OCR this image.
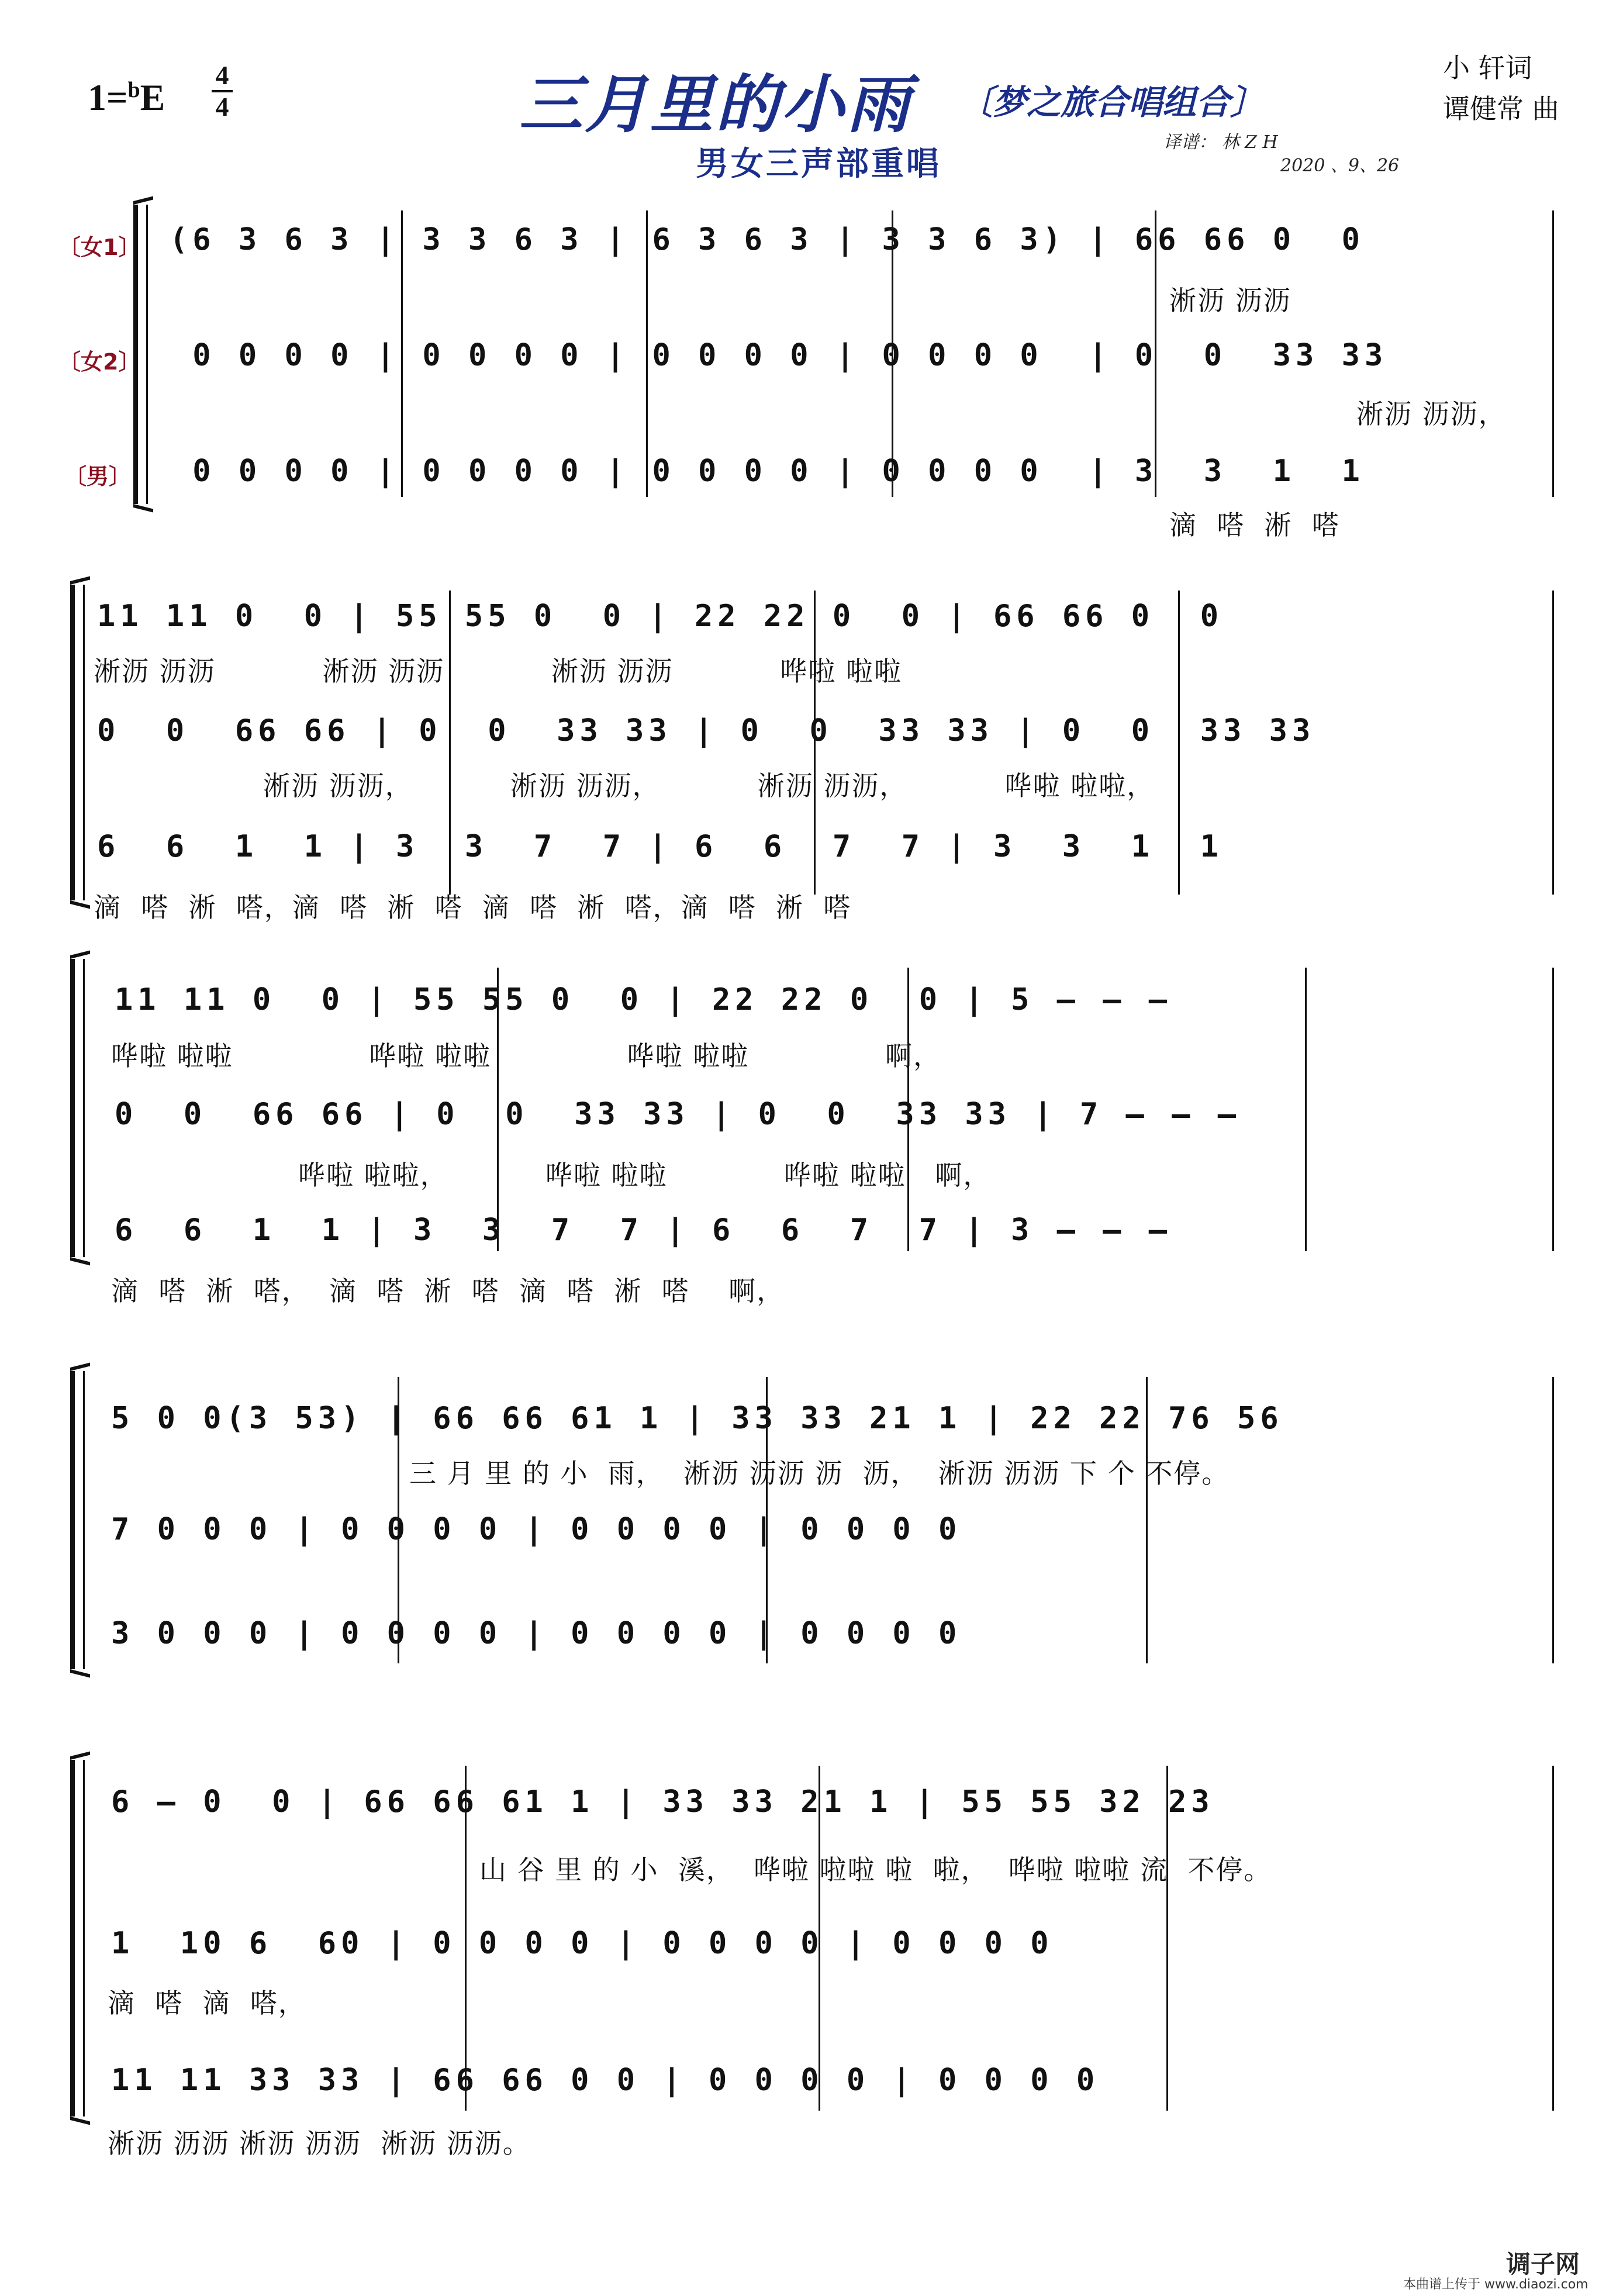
1=$^b$E
4
4	三月里的小雨 〔梦之旅合唱组合〕
男女三声部重唱
译谱： 林 Z H
2020 、9、26
小 轩词
谭健常 曲
〔女1〕
〔女2〕
〔男〕
(6 3 6 3 | 3 3 6 3 | 6 3 6 3 | 3 3 6 3) | 66 66 0  0
淅沥 沥沥
0 0 0 0 | 0 0 0 0 | 0 0 0 0 | 0 0 0 0  | 0  0  33 33
淅沥 沥沥，
0 0 0 0 | 0 0 0 0 | 0 0 0 0 | 0 0 0 0  | 3  3  1  1
滴  嗒  淅  嗒
11 11 0  0 | 55 55 0  0 | 22 22 0  0 | 66 66 0  0
淅沥 沥沥           淅沥 沥沥           淅沥 沥沥           哗啦 啦啦
0  0  66 66 | 0  0  33 33 | 0  0  33 33 | 0  0  33 33
淅沥 沥沥，          淅沥 沥沥，          淅沥 沥沥，          哗啦 啦啦，
6  6  1  1 | 3  3  7  7 | 6  6  7  7 | 3  3  1  1
滴  嗒  淅  嗒，滴  嗒  淅  嗒  滴  嗒  淅  嗒，滴  嗒  淅  嗒
11 11 0  0 | 55 55 0  0 | 22 22 0  0 | 5 – – –
哗啦 啦啦              哗啦 啦啦              哗啦 啦啦              啊，
0  0  66 66 | 0  0  33 33 | 0  0  33 33 | 7 – – –
哗啦 啦啦，          哗啦 啦啦            哗啦 啦啦   啊，
6  6  1  1 | 3  3  7  7 | 6  6  7  7 | 3 – – –
滴  嗒  淅  嗒，  滴  嗒  淅  嗒  滴  嗒  淅  嗒    啊，
5 0 0(3 53) | 66 66 61 1 | 33 33 21 1 | 22 22 76 56
三 月 里 的 小  雨，  淅沥 沥沥 沥  沥，  淅沥 沥沥 下 个 不停。
7 0 0 0 | 0 0 0 0 | 0 0 0 0 | 0 0 0 0
3 0 0 0 | 0 0 0 0 | 0 0 0 0 | 0 0 0 0
6 – 0  0 | 66 66 61 1 | 33 33 21 1 | 55 55 32 23
山 谷 里 的 小  溪，  哗啦 啦啦 啦  啦，  哗啦 啦啦 流  不停。
1  10 6  60 | 0 0 0 0 | 0 0 0 0 | 0 0 0 0
滴  嗒  滴  嗒，
11 11 33 33 | 66 66 0 0 | 0 0 0 0 | 0 0 0 0
淅沥 沥沥 淅沥 沥沥  淅沥 沥沥。
调子网
本曲谱上传于 www.diaozi.com
